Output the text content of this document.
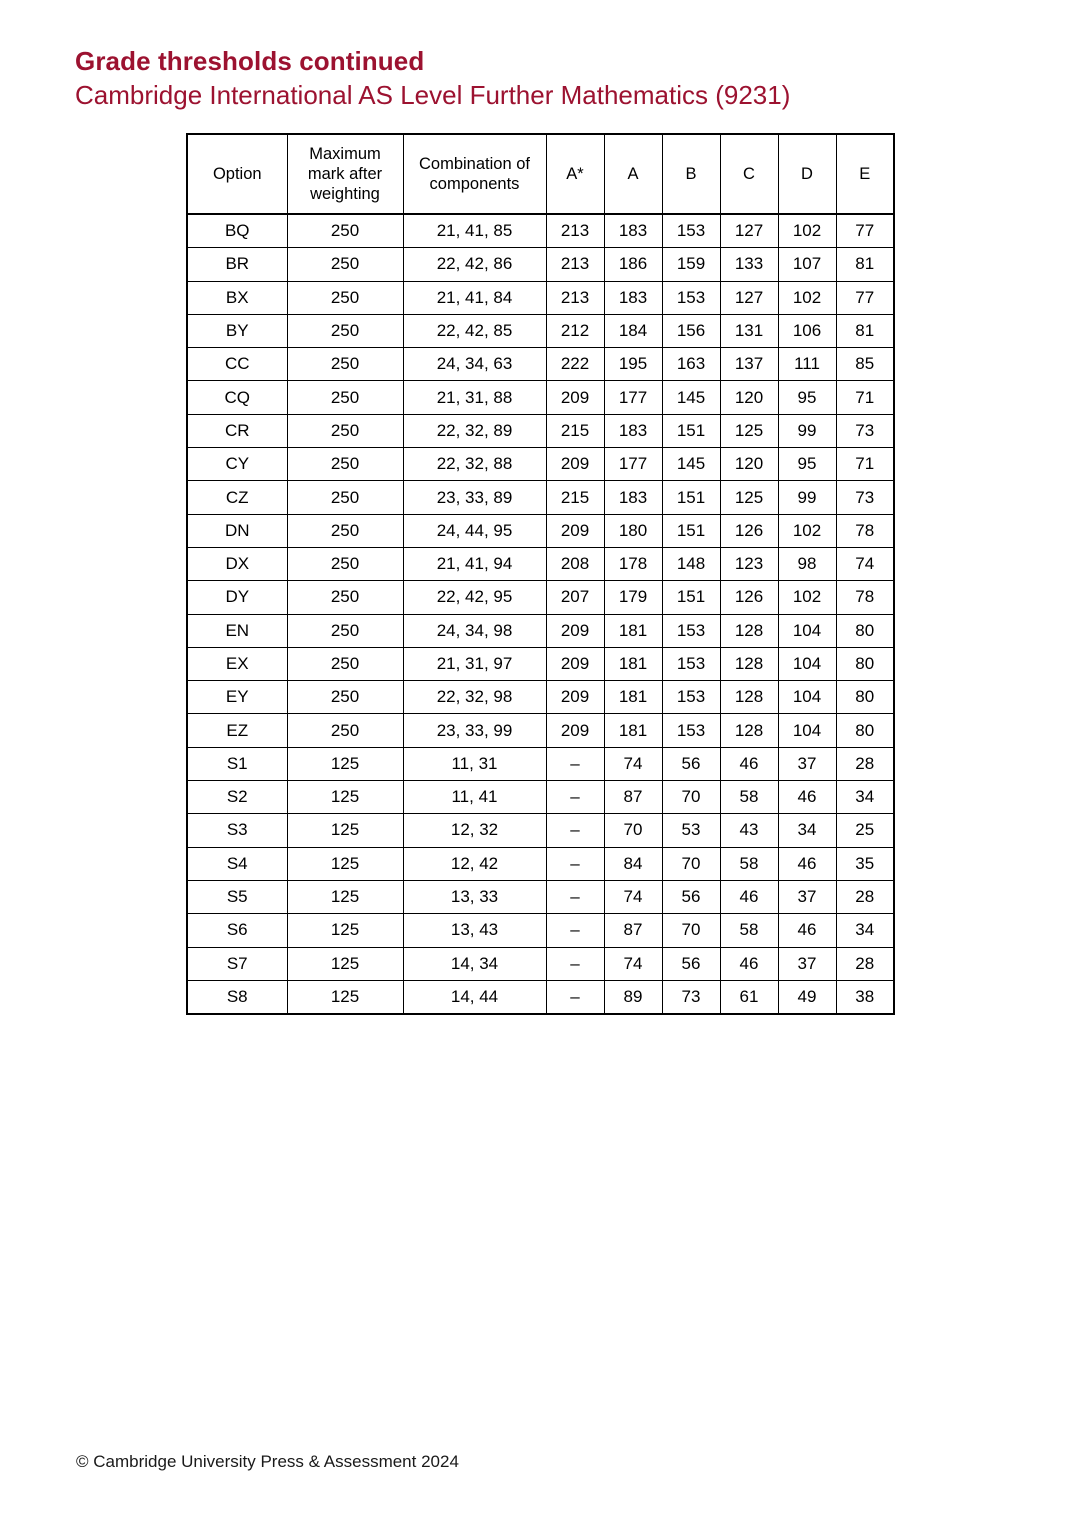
Grade thresholds continued
Cambridge International AS Level Further Mathematics (9231)
Option	Maximum
mark after
weighting	Combination of
components	A*	A	B	C	D	E
BQ	250	21, 41, 85	213	183	153	127	102	77
BR	250	22, 42, 86	213	186	159	133	107	81
BX	250	21, 41, 84	213	183	153	127	102	77
BY	250	22, 42, 85	212	184	156	131	106	81
CC	250	24, 34, 63	222	195	163	137	111	85
CQ	250	21, 31, 88	209	177	145	120	95	71
CR	250	22, 32, 89	215	183	151	125	99	73
CY	250	22, 32, 88	209	177	145	120	95	71
CZ	250	23, 33, 89	215	183	151	125	99	73
DN	250	24, 44, 95	209	180	151	126	102	78
DX	250	21, 41, 94	208	178	148	123	98	74
DY	250	22, 42, 95	207	179	151	126	102	78
EN	250	24, 34, 98	209	181	153	128	104	80
EX	250	21, 31, 97	209	181	153	128	104	80
EY	250	22, 32, 98	209	181	153	128	104	80
EZ	250	23, 33, 99	209	181	153	128	104	80
S1	125	11, 31	–	74	56	46	37	28
S2	125	11, 41	–	87	70	58	46	34
S3	125	12, 32	–	70	53	43	34	25
S4	125	12, 42	–	84	70	58	46	35
S5	125	13, 33	–	74	56	46	37	28
S6	125	13, 43	–	87	70	58	46	34
S7	125	14, 34	–	74	56	46	37	28
S8	125	14, 44	–	89	73	61	49	38
© Cambridge University Press & Assessment 2024
